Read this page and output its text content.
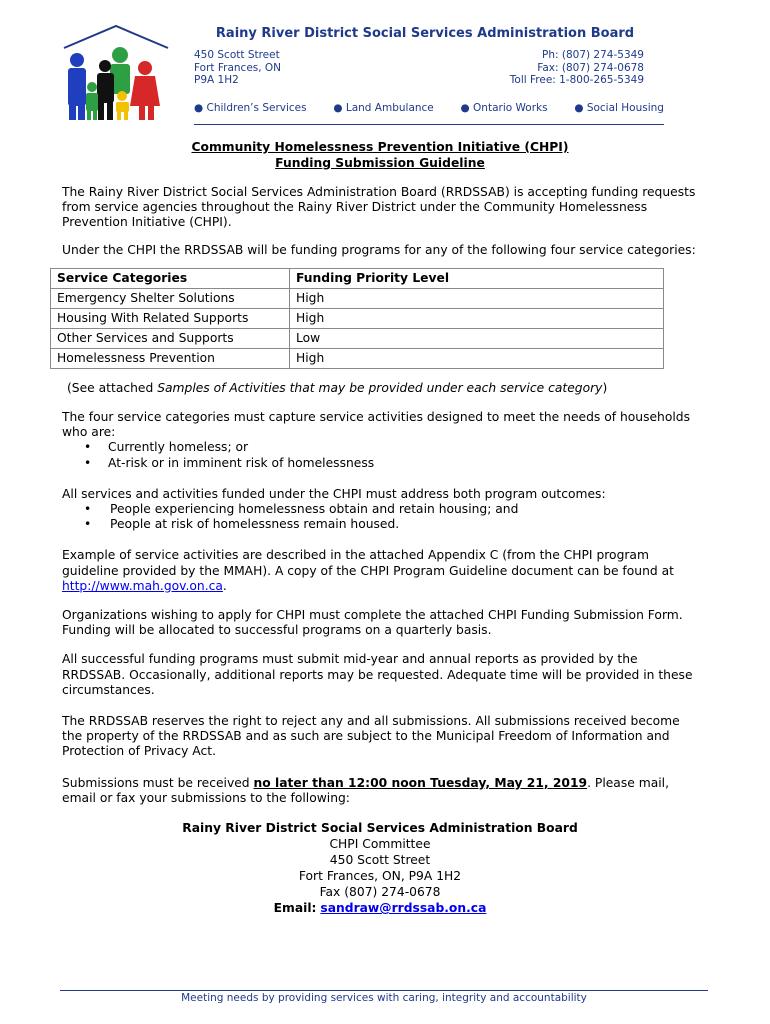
Rainy River District Social Services Administration Board
450 Scott Street
Fort Frances, ON
P9A 1H2
Ph: (807) 274-5349
Fax: (807) 274-0678
Toll Free: 1-800-265-5349
● Children’s Services	● Land Ambulance	● Ontario Works	● Social Housing
Community Homelessness Prevention Initiative (CHPI)
Funding Submission Guideline

The Rainy River District Social Services Administration Board (RRDSSAB) is accepting funding requests from service agencies throughout the Rainy River District under the Community Homelessness Prevention Initiative (CHPI).

Under the CHPI the RRDSSAB will be funding programs for any of the following four service categories:

Service Categories	Funding Priority Level
Emergency Shelter Solutions	High
Housing With Related Supports	High
Other Services and Supports	Low
Homelessness Prevention	High

(See attached Samples of Activities that may be provided under each service category)

The four service categories must capture service activities designed to meet the needs of households who are:

• Currently homeless; or
• At-risk or in imminent risk of homelessness

All services and activities funded under the CHPI must address both program outcomes:

• People experiencing homelessness obtain and retain housing; and
• People at risk of homelessness remain housed.

Example of service activities are described in the attached Appendix C (from the CHPI program guideline provided by the MMAH). A copy of the CHPI Program Guideline document can be found at http://www.mah.gov.on.ca.

Organizations wishing to apply for CHPI must complete the attached CHPI Funding Submission Form. Funding will be allocated to successful programs on a quarterly basis.

All successful funding programs must submit mid-year and annual reports as provided by the RRDSSAB. Occasionally, additional reports may be requested. Adequate time will be provided in these circumstances.

The RRDSSAB reserves the right to reject any and all submissions. All submissions received become the property of the RRDSSAB and as such are subject to the Municipal Freedom of Information and Protection of Privacy Act.

Submissions must be received no later than 12:00 noon Tuesday, May 21, 2019. Please mail, email or fax your submissions to the following:

Rainy River District Social Services Administration Board
CHPI Committee
450 Scott Street
Fort Frances, ON, P9A 1H2
Fax (807) 274-0678
Email: sandraw@rrdssab.on.ca
Meeting needs by providing services with caring, integrity and accountability
